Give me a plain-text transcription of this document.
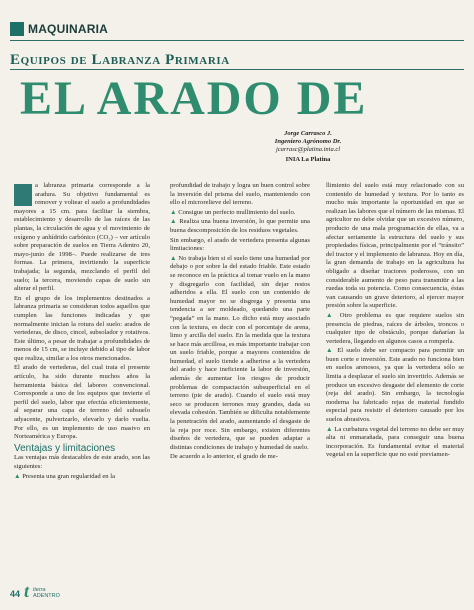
MAQUINARIA
Equipos de Labranza Primaria
EL ARADO DE
Jorge Carrasco J.
Ingeniero Agrónomo Dr.
jcarrasc@platina.inia.cl
INIA La Platina

a labranza primaria corresponde a la aradura. Su objetivo fundamental es remover y voltear el suelo a profundidades mayores a 15 cm. para facilitar la siembra, establecimiento y desarrollo de las raíces de las plantas, la circulación de agua y el movimiento de oxígeno y anhídrido carbónico (CO₂) – ver artículo sobre preparación de suelos en Tierra Adentro 20, mayo-junio de 1998–. Puede realizarse de tres formas. La primera, invirtiendo la superficie trabajada; la segunda, mezclando el perfil del suelo; la tercera, moviendo capas de suelo sin alterar el perfil.

En el grupo de los implementos destinados a labranza primaria se consideran todos aquellos que cumplen las funciones indicadas y que normalmente inician la rotura del suelo: arados de vertederas, de disco, cincel, subsolador y rotativos. Este último, a pesar de trabajar a profundidades de menos de 15 cm, se incluye debido al tipo de labor que realiza, similar a los otros mencionados.

El arado de vertederas, del cual trata el presente artículo, ha sido durante muchos años la herramienta básica del laboreo convencional. Corresponde a uno de los equipos que invierte el perfil del suelo, labor que efectúa eficientemente, al separar una capa de terreno del subsuelo adyacente, pulverizarlo, elevarlo y darlo vuelta. Por ello, es un implemento de uso masivo en Norteamérica y Europa.

Ventajas y limitaciones

Las ventajas más destacables de este arado, son las siguientes:

▲ Presenta una gran regularidad en la

profundidad de trabajo y logra un buen control sobre la inversión del prisma del suelo, manteniendo con ello el microrelieve del terreno.

▲ Consigue un perfecto mullimiento del suelo.

▲ Realiza una buena inversión, lo que permite una buena descomposición de los residuos vegetales.

Sin embargo, el arado de vertedera presenta algunas limitaciones:

▲ No trabaja bien si el suelo tiene una humedad por debajo o por sobre la del estado friable. Este estado se reconoce en la práctica al tomar vuelo en la mano y disgregarlo con facilidad, sin dejar restos adheridos a ella. El suelo con un contenido de humedad mayor no se disgrega y presenta una tendencia a ser moldeado, quedando una parte “pegada” en la mano. Lo dicho está muy asociado con la textura, es decir con el porcentaje de arena, limo y arcilla del suelo. En la medida que la textura se hace más arcillosa, es más importante trabajar con un suelo friable, porque a mayores contenidos de humedad, el suelo tiende a adherirse a la vertedera del arado y hace ineficiente la labor de inversión, además de aumentar los riesgos de producir problemas de compactación subsuperficial en el terreno (pie de arado). Cuando el suelo está muy seco se producen terrones muy grandes, dada su elevada cohesión. También se dificulta notablemente la penetración del arado, aumentando el desgaste de la reja por roce. Sin embargo, existen diferentes diseños de vertedera, que se pueden adaptar a distintas condiciones de trabajo y humedad de suelo.

De acuerdo a lo anterior, el grado de me-

llimiento del suelo está muy relacionado con su contenido de humedad y textura. Por lo tanto es mucho más importante la oportunidad en que se realizan las labores que el número de las mismas. El agricultor no debe olvidar que un excesivo número, producto de una mala programación de ellas, va a afectar seriamente la estructura del suelo y sus propiedades físicas, principalmente por el “tránsito” del tractor y el implemento de labranza. Hoy en día, la gran demanda de trabajo en la agricultura ha obligado a diseñar tractores poderosos, con un considerable aumento de peso para transmitir a las ruedas toda su potencia. Como consecuencia, éstas van causando un grave deterioro, al ejercer mayor presión sobre la superficie.

▲ Otro problema es que requiere suelos sin presencia de piedras, raíces de árboles, troncos o cualquier tipo de obstáculo, porque dañarían la vertedera, llegando en algunos casos a romperla.

▲ El suelo debe ser compacto para permitir un buen corte e inversión. Este arado no funciona bien en suelos arenosos, ya que la vertedera sólo se limita a desplazar el suelo sin invertirlo. Además se produce un excesivo desgaste del elemento de corte (reja del arado). Sin embargo, la tecnología moderna ha fabricado rejas de material fundido especial para resistir el deterioro causado por los suelos abrasivos.

▲ La curbatura vegetal del terreno no debe ser muy alta ni enmarañada, para conseguir una buena incorporación. Es fundamental evitar el material vegetal en la superficie que no esté previamen-

44 t tierra
ADENTRO
